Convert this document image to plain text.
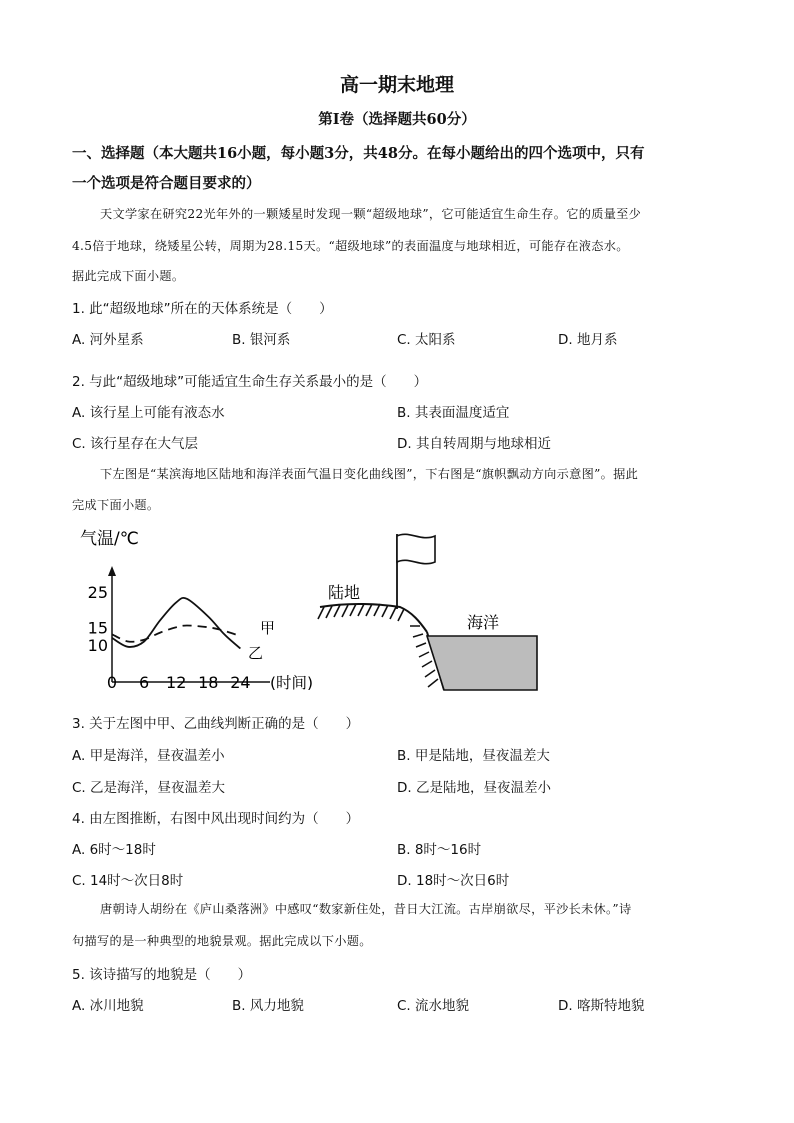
高一期末地理
第Ⅰ卷（选择题共60分）
一、选择题（本大题共16小题，每小题3分，共48分。在每小题给出的四个选项中，只有
一个选项是符合题目要求的）
天文学家在研究22光年外的一颗矮星时发现一颗“超级地球”，它可能适宜生命生存。它的质量至少
4.5倍于地球，绕矮星公转，周期为28.15天。“超级地球”的表面温度与地球相近，可能存在液态水。
据此完成下面小题。
1. 此“超级地球”所在的天体系统是（　　）
A. 河外星系	B. 银河系	C. 太阳系	D. 地月系
2. 与此“超级地球”可能适宜生命生存关系最小的是（　　）
A. 该行星上可能有液态水	B. 其表面温度适宜
C. 该行星存在大气层	D. 其自转周期与地球相近
下左图是“某滨海地区陆地和海洋表面气温日变化曲线图”，下右图是“旗帜飘动方向示意图”。据此
完成下面小题。
气温/℃
25
15
10
0 6 12 18 24
甲
乙
(时间)
陆地
海洋
3. 关于左图中甲、乙曲线判断正确的是（　　）
A. 甲是海洋，昼夜温差小	B. 甲是陆地，昼夜温差大
C. 乙是海洋，昼夜温差大	D. 乙是陆地，昼夜温差小
4. 由左图推断，右图中风出现时间约为（　　）
A. 6时～18时	B. 8时～16时
C. 14时～次日8时	D. 18时～次日6时
唐朝诗人胡纷在《庐山桑落洲》中感叹“数家新住处，昔日大江流。古岸崩欲尽，平沙长未休。”诗
句描写的是一种典型的地貌景观。据此完成以下小题。
5. 该诗描写的地貌是（　　）
A. 冰川地貌	B. 风力地貌	C. 流水地貌	D. 喀斯特地貌
